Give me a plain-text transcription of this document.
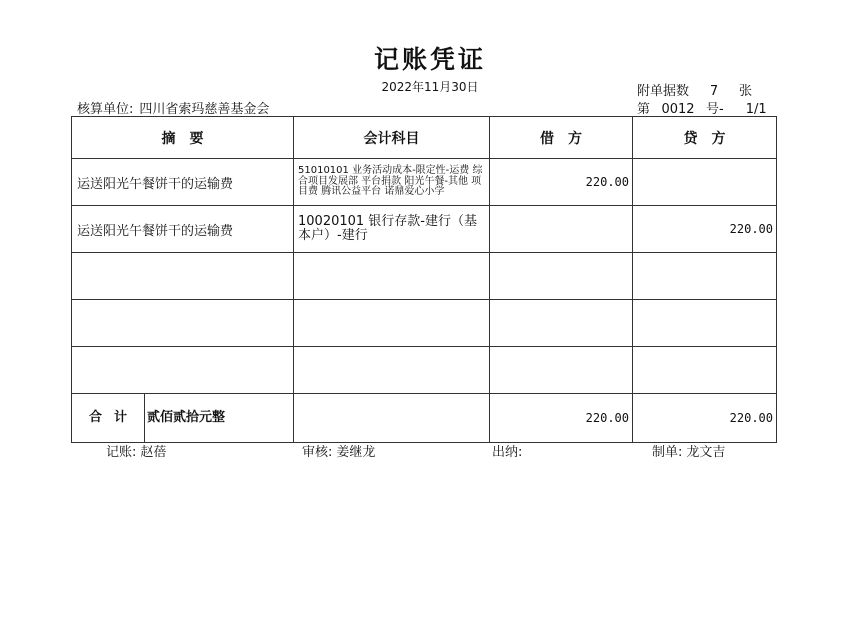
记账凭证
2022年11月30日	附单据数 7 张
核算单位: 四川省索玛慈善基金会	第 0012 号- 1/1
摘　要	会计科目	借　方	贷　方
运送阳光午餐饼干的运输费	51010101 业务活动成本-限定性-运费 综合项目发展部 平台捐款 阳光午餐-其他 项目费 腾讯公益平台 诺鼎爱心小学	220.00	
运送阳光午餐饼干的运输费	10020101 银行存款-建行（基本户）-建行		220.00

合计 贰佰贰拾元整		220.00	220.00
记账: 赵蓓	审核: 姜继龙	出纳:	制单: 龙文吉
